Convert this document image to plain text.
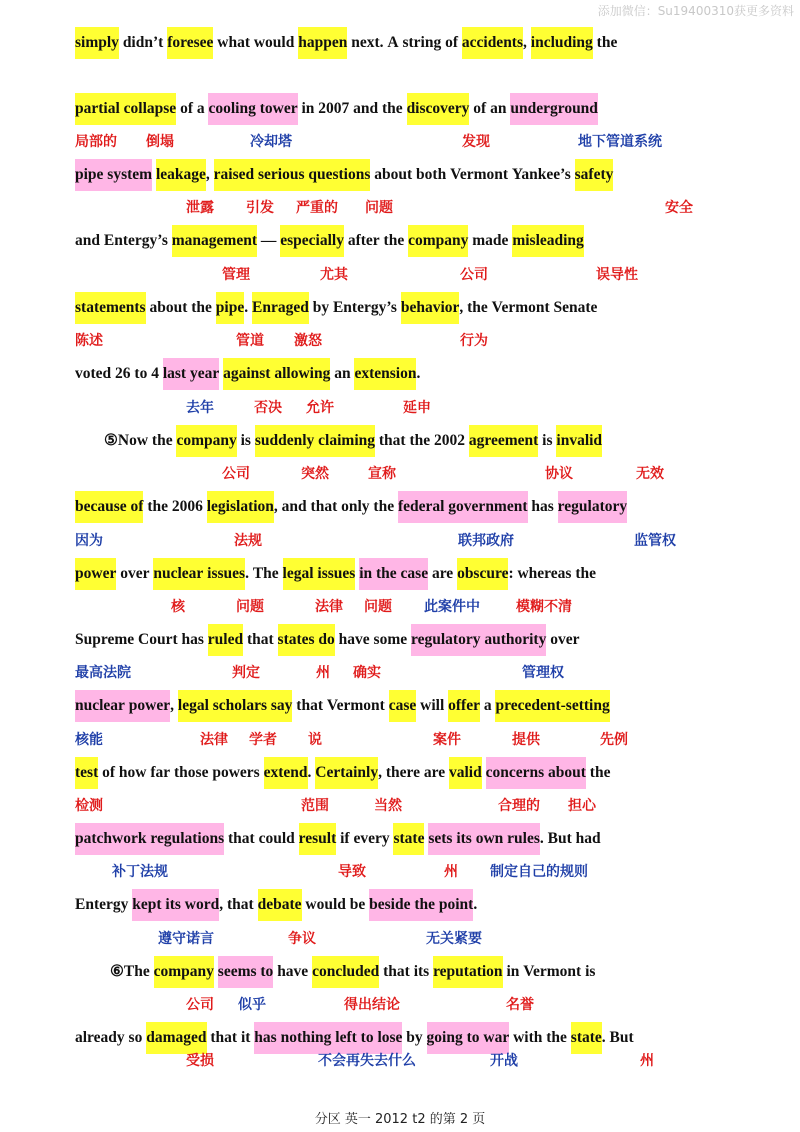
添加微信：Su19400310获更多资料
simply didn’t foresee what would happen next. A string of accidents, including the
partial collapse of a cooling tower in 2007 and the discovery of an underground
pipe system leakage, raised serious questions about both Vermont Yankee’s safety
and Entergy’s management — especially after the company made misleading
statements about the pipe. Enraged by Entergy’s behavior, the Vermont Senate
voted 26 to 4 last year against allowing an extension.
⑤Now the company is suddenly claiming that the 2002 agreement is invalid
because of the 2006 legislation, and that only the federal government has regulatory
power over nuclear issues. The legal issues in the case are obscure: whereas the
Supreme Court has ruled that states do have some regulatory authority over
nuclear power, legal scholars say that Vermont case will offer a precedent-setting
test of how far those powers extend. Certainly, there are valid concerns about the
patchwork regulations that could result if every state sets its own rules. But had
Entergy kept its word, that debate would be beside the point.
⑥The company seems to have concluded that its reputation in Vermont is
already so damaged that it has nothing left to lose by going to war with the state. But
局部的 倒塌	冷却塔	发现	地下管道系统
泄露 引发 严重的 问题	安全
管理	尤其	公司	误导性
陈述	管道 激怒	行为
去年	否决 允许	延申
公司	突然	宣称	协议	无效
因为	法规	联邦政府	监管权
核	问题	法律 问题 此案件中	模糊不清
最高法院	判定	州 确实	管理权
核能	法律 学者 说	案件	提供	先例
检测	范围	当然	合理的 担心
补丁法规	导致	州 制定自己的规则
遵守诺言	争议	无关紧要
公司 似乎	得出结论	名誉
受损	不会再失去什么	开战	州
分区 英一 2012 t2 的第 2 页
